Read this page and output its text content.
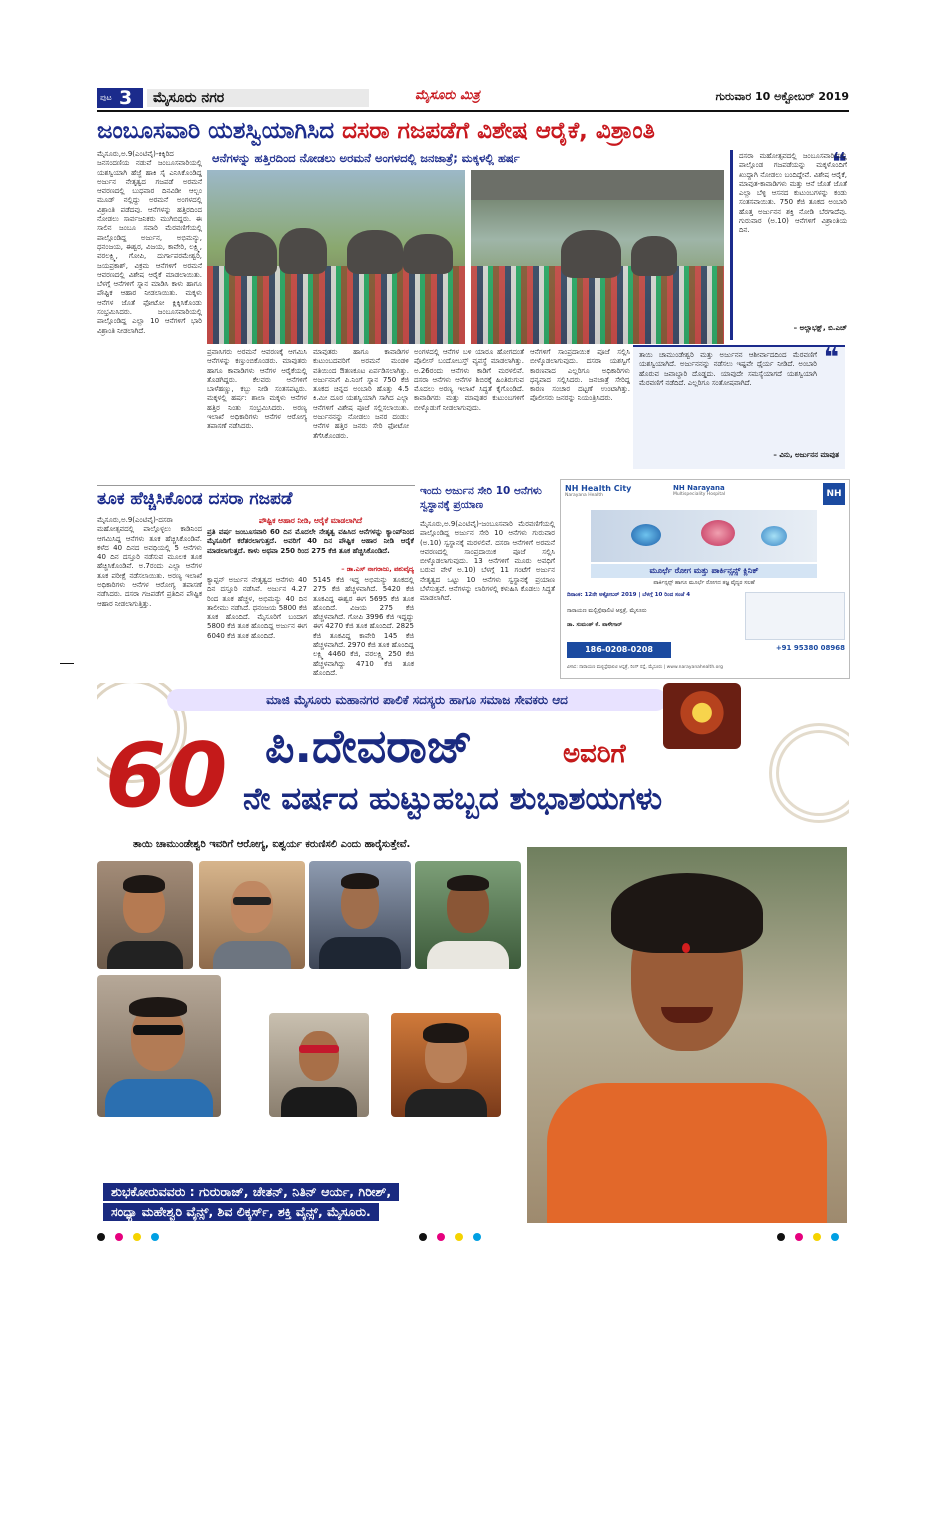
ಪುಟ 3	ಮೈಸೂರು ನಗರ	ಮೈಸೂರು ಮಿತ್ರ	ಗುರುವಾರ 10 ಅಕ್ಟೋಬರ್ 2019
ಜಂಬೂಸವಾರಿ ಯಶಸ್ವಿಯಾಗಿಸಿದ ದಸರಾ ಗಜಪಡೆಗೆ ವಿಶೇಷ ಆರೈಕೆ, ವಿಶ್ರಾಂತಿ
ಆನೆಗಳನ್ನು ಹತ್ತಿರದಿಂದ ನೋಡಲು ಅರಮನೆ ಅಂಗಳದಲ್ಲಿ ಜನಜಾತ್ರೆ; ಮಕ್ಕಳಲ್ಲಿ ಹರ್ಷ
ಮೈಸೂರು,ಅ.9(ಎಂಟಿವೈ)-ಕಿಕ್ಕಿರಿದ ಜನಸಂದಣಿಯ ನಡುವೆ ಜಂಬೂಸವಾರಿಯಲ್ಲಿ ಯಶಸ್ವಿಯಾಗಿ ಹೆಜ್ಜೆ ಹಾಕಿ ಸೈ ಎನಿಸಿಕೊಂಡಿದ್ದ ಅರ್ಜುನ ನೇತೃತ್ವದ ಗಜಪಡೆ ಅರಮನೆ ಆವರಣದಲ್ಲಿ ಬುಧವಾರ ದಿನವಿಡೀ ಆಲ್ಬಂ ಮೂಡ್ ನಲ್ಲಿದ್ದು ಅರಮನೆ ಅಂಗಳದಲ್ಲಿ ವಿಶ್ರಾಂತಿ ಪಡೆದವು. ಆನೆಗಳನ್ನು ಹತ್ತಿರದಿಂದ ನೋಡಲು ಸಾರ್ವಜನಿಕರು ಮುಗಿಬಿದ್ದರು. ಈ ಸಾಲಿನ ಜಂಬೂ ಸವಾರಿ ಮೆರವಣಿಗೆಯಲ್ಲಿ ಪಾಲ್ಗೊಂಡಿದ್ದ ಅರ್ಜುನ, ಅಭಿಮನ್ಯು, ಧನಂಜಯ, ಈಶ್ವರ, ವಿಜಯ, ಕಾವೇರಿ, ಲಕ್ಷ್ಮಿ, ವರಲಕ್ಷ್ಮಿ, ಗೋಪಿ, ದುರ್ಗಾಪರಮೇಶ್ವರಿ, ಜಯಪ್ರಕಾಶ್, ವಿಕ್ರಮ ಆನೆಗಳಿಗೆ ಅರಮನೆ ಆವರಣದಲ್ಲಿ ವಿಶೇಷ ಆರೈಕೆ ಮಾಡಲಾಯಿತು. ಬೆಳಗ್ಗೆ ಆನೆಗಳಿಗೆ ಸ್ನಾನ ಮಾಡಿಸಿ ಕಾಳು ಹಾಗೂ ಪೌಷ್ಟಿಕ ಆಹಾರ ನೀಡಲಾಯಿತು. ಮಕ್ಕಳು ಆನೆಗಳ ಜೊತೆ ಫೋಟೋ ಕ್ಲಿಕ್ಕಿಸಿಕೊಂಡು ಸಂಭ್ರಮಿಸಿದರು. ಜಂಬೂಸವಾರಿಯಲ್ಲಿ ಪಾಲ್ಗೊಂಡಿದ್ದ ಎಲ್ಲಾ 10 ಆನೆಗಳಿಗೆ ಭಾರಿ ವಿಶ್ರಾಂತಿ ನೀಡಲಾಗಿದೆ.
❝
ದಸರಾ ಮಹೋತ್ಸವದಲ್ಲಿ ಜಂಬೂಸವಾರಿಯಲ್ಲಿ ಪಾಲ್ಗೊಂಡ ಗಜಪಡೆಯನ್ನು ಮಕ್ಕಳೊಂದಿಗೆ ಖುದ್ದಾಗಿ ನೋಡಲು ಬಂದಿದ್ದೇವೆ. ವಿಶೇಷ ಆರೈಕೆ, ಮಾವುತ-ಕಾವಾಡಿಗಳು ಮತ್ತು ಆನೆ ಜೊತೆ ಜೊತೆ ಎಲ್ಲಾ ಬೆಳ್ಳಿ ಆಸನದ ಕುಟುಂಬಗಳನ್ನು ಕಂಡು ಸಂತಸವಾಯಿತು. 750 ಕೆಜಿ ತೂಕದ ಅಂಬಾರಿ ಹೊತ್ತ ಅರ್ಜುನನ ಶಕ್ತಿ ನೋಡಿ ಬೆರಗಾದೆವು. ಗುರುವಾರ (ಅ.10) ಆನೆಗಳಿಗೆ ವಿಶ್ರಾಂತಿಯ ದಿನ.
– ಅಲ್ಲಾಭಕ್ಷ್, ಬಿ.ಎಚ್
ಪ್ರವಾಸಿಗರು ಅರಮನೆ ಆವರಣಕ್ಕೆ ಆಗಮಿಸಿ ಆನೆಗಳನ್ನು ಕಣ್ತುಂಬಿಕೊಂಡರು. ಮಾವುತರು ಹಾಗೂ ಕಾವಾಡಿಗಳು ಆನೆಗಳ ಆರೈಕೆಯಲ್ಲಿ ತೊಡಗಿದ್ದರು. ಕೆಲವರು ಆನೆಗಳಿಗೆ ಬಾಳೆಹಣ್ಣು, ಕಬ್ಬು ನೀಡಿ ಸಂತಸಪಟ್ಟರು. ಮಕ್ಕಳಲ್ಲಿ ಹರ್ಷ: ಶಾಲಾ ಮಕ್ಕಳು ಆನೆಗಳ ಹತ್ತಿರ ನಿಂತು ಸಂಭ್ರಮಿಸಿದರು. ಅರಣ್ಯ ಇಲಾಖೆ ಅಧಿಕಾರಿಗಳು ಆನೆಗಳ ಆರೋಗ್ಯ ತಪಾಸಣೆ ನಡೆಸಿದರು.
ಮಾವುತರು ಹಾಗೂ ಕಾವಾಡಿಗಳ ಕುಟುಂಬದವರಿಗೆ ಅರಮನೆ ಮಂಡಳಿ ವತಿಯಿಂದ ಔತಣಕೂಟ ಏರ್ಪಡಿಸಲಾಗಿತ್ತು. ಅರ್ಜುನನಿಗೆ ಪಿ.ನಿಂಗೆ ಸ್ನಾನ 750 ಕೆಜಿ ತೂಕದ ಚಿನ್ನದ ಅಂಬಾರಿ ಹೊತ್ತು 4.5 ಕಿ.ಮೀ ದೂರ ಯಶಸ್ವಿಯಾಗಿ ಸಾಗಿದ ಎಲ್ಲಾ ಆನೆಗಳಿಗೆ ವಿಶೇಷ ಪೂಜೆ ಸಲ್ಲಿಸಲಾಯಿತು. ಅರ್ಜುನನನ್ನು ನೋಡಲು ಜನರ ದಂಡು: ಆನೆಗಳ ಹತ್ತಿರ ಜನರು ಸೇರಿ ಫೋಟೋ ತೆಗೆಸಿಕೊಂಡರು.
ಅಂಗಳದಲ್ಲಿ ಆನೆಗಳ ಬಳಿ ಯಾರೂ ಹೋಗದಂತೆ ಪೊಲೀಸ್ ಬಂದೋಬಸ್ತ್ ವ್ಯವಸ್ಥೆ ಮಾಡಲಾಗಿತ್ತು. ಅ.26ರಂದು ಆನೆಗಳು ಕಾಡಿಗೆ ಮರಳಲಿವೆ. ದಸರಾ ಆನೆಗಳು ಆನೆಗಳ ಶಿಬಿರಕ್ಕೆ ಹಿಂತಿರುಗುವ ಮೊದಲು ಅರಣ್ಯ ಇಲಾಖೆ ಸಿದ್ಧತೆ ಕೈಗೊಂಡಿದೆ. ಕಾವಾಡಿಗರು ಮತ್ತು ಮಾವುತರ ಕುಟುಂಬಗಳಿಗೆ ಬೀಳ್ಕೊಡುಗೆ ನೀಡಲಾಗುವುದು.
ಆನೆಗಳಿಗೆ ಸಾಂಪ್ರದಾಯಿಕ ಪೂಜೆ ಸಲ್ಲಿಸಿ ಬೀಳ್ಕೊಡಲಾಗುವುದು. ದಸರಾ ಯಶಸ್ವಿಗೆ ಕಾರಣವಾದ ಎಲ್ಲರಿಗೂ ಅಧಿಕಾರಿಗಳು ಧನ್ಯವಾದ ಸಲ್ಲಿಸಿದರು. ಜನಜಾತ್ರೆ ಸೇರಿದ್ದ ಕಾರಣ ಸಂಚಾರ ದಟ್ಟಣೆ ಉಂಟಾಗಿತ್ತು. ಪೊಲೀಸರು ಜನರನ್ನು ನಿಯಂತ್ರಿಸಿದರು.
❝
ತಾಯಿ ಚಾಮುಂಡೇಶ್ವರಿ ಮತ್ತು ಅರ್ಜುನನ ಆಶೀರ್ವಾದದಿಂದ ಮೆರವಣಿಗೆ ಯಶಸ್ವಿಯಾಗಿದೆ. ಅರ್ಜುನನನ್ನು ನಡೆಸಲು ಇಷ್ಟವೇ ಧೈರ್ಯ ನೀಡಿದೆ. ಅಂಬಾರಿ ಹೊರುವ ಜವಾಬ್ದಾರಿ ದೊಡ್ಡದು. ಯಾವುದೇ ಸಮಸ್ಯೆಯಾಗದೆ ಯಶಸ್ವಿಯಾಗಿ ಮೆರವಣಿಗೆ ನಡೆದಿದೆ. ಎಲ್ಲರಿಗೂ ಸಂತೋಷವಾಗಿದೆ.
– ವಿನು, ಅರ್ಜುನನ ಮಾವುತ
ತೂಕ ಹೆಚ್ಚಿಸಿಕೊಂಡ ದಸರಾ ಗಜಪಡೆ
ಮೈಸೂರು,ಅ.9(ಎಂಟಿವೈ)-ದಸರಾ ಮಹೋತ್ಸವದಲ್ಲಿ ಪಾಲ್ಗೊಳ್ಳಲು ಕಾಡಿನಿಂದ ಆಗಮಿಸಿದ್ದ ಆನೆಗಳು ತೂಕ ಹೆಚ್ಚಿಸಿಕೊಂಡಿವೆ. ಕಳೆದ 40 ದಿನದ ಅವಧಿಯಲ್ಲಿ 5 ಆನೆಗಳು 40 ದಿನ ದಸ್ತೂರಿ ನಡೆಸುವ ಮೂಲಕ ತೂಕ ಹೆಚ್ಚಿಸಿಕೊಂಡಿವೆ. ಅ.7ರಂದು ಎಲ್ಲಾ ಆನೆಗಳ ತೂಕ ಪರೀಕ್ಷೆ ನಡೆಸಲಾಯಿತು. ಅರಣ್ಯ ಇಲಾಖೆ ಅಧಿಕಾರಿಗಳು ಆನೆಗಳ ಆರೋಗ್ಯ ತಪಾಸಣೆ ನಡೆಸಿದರು. ದಸರಾ ಗಜಪಡೆಗೆ ಪ್ರತಿದಿನ ಪೌಷ್ಟಿಕ ಆಹಾರ ನೀಡಲಾಗುತ್ತಿತ್ತು.
ಪೌಷ್ಟಿಕ ಆಹಾರ ನೀಡಿ, ಆರೈಕೆ ಮಾಡಲಾಗಿದೆ
ಪ್ರತಿ ವರ್ಷ ಜಂಬೂಸವಾರಿ 60 ದಿನ ಮೊದಲೇ ನೇತೃತ್ವ ವಹಿಸಿದ ಆನೆಗಳನ್ನು ಕ್ಯಾಂಪ್‌ನಿಂದ ಮೈಸೂರಿಗೆ ಕರೆತರಲಾಗುತ್ತದೆ. ಅವರಿಗೆ 40 ದಿನ ಪೌಷ್ಟಿಕ ಆಹಾರ ನೀಡಿ ಆರೈಕೆ ಮಾಡಲಾಗುತ್ತದೆ. ಕಾಳು ಅಥವಾ 250 ರಿಂದ 275 ಕೆಜಿ ತೂಕ ಹೆಚ್ಚಿಸಿಕೊಂಡಿದೆ.
– ಡಾ.ಎಸ್ ನಾಗರಾಜು, ಪಶುವೈದ್ಯ
ಕ್ಯಾಪ್ಟನ್ ಅರ್ಜುನ ನೇತೃತ್ವದ ಆನೆಗಳು 40 ದಿನ ದಸ್ತೂರಿ ನಡೆಸಿವೆ. ಅರ್ಜುನ 4.27 ರಿಂದ ತೂಕ ಹೆಚ್ಚಳ, ಅಭಿಮನ್ಯು 40 ದಿನ ತಾಲೀಮು ನಡೆಸಿದೆ. ಧನಂಜಯ 5800 ಕೆಜಿ ತೂಕ ಹೊಂದಿದೆ. ಮೈಸೂರಿಗೆ ಬಂದಾಗ 5800 ಕೆಜಿ ತೂಕ ಹೊಂದಿದ್ದ ಅರ್ಜುನ ಈಗ 6040 ಕೆಜಿ ತೂಕ ಹೊಂದಿದೆ.
5145 ಕೆಜಿ ಇದ್ದ ಅಭಿಮನ್ಯು ತೂಕದಲ್ಲಿ 275 ಕೆಜಿ ಹೆಚ್ಚಳವಾಗಿದೆ. 5420 ಕೆಜಿ ತೂಕವಿದ್ದ ಈಶ್ವರ ಈಗ 5695 ಕೆಜಿ ತೂಕ ಹೊಂದಿದೆ. ವಿಜಯ 275 ಕೆಜಿ ಹೆಚ್ಚಳವಾಗಿದೆ. ಗೋಪಿ 3996 ಕೆಜಿ ಇದ್ದದ್ದು ಈಗ 4270 ಕೆಜಿ ತೂಕ ಹೊಂದಿದೆ. 2825 ಕೆಜಿ ತೂಕವಿದ್ದ ಕಾವೇರಿ 145 ಕೆಜಿ ಹೆಚ್ಚಳವಾಗಿದೆ. 2970 ಕೆಜಿ ತೂಕ ಹೊಂದಿದ್ದ ಲಕ್ಷ್ಮಿ 4460 ಕೆಜಿ, ವರಲಕ್ಷ್ಮಿ 250 ಕೆಜಿ ಹೆಚ್ಚಳವಾಗಿದ್ದು 4710 ಕೆಜಿ ತೂಕ ಹೊಂದಿದೆ.
ಇಂದು ಅರ್ಜುನ ಸೇರಿ 10 ಆನೆಗಳು ಸ್ವಸ್ಥಾನಕ್ಕೆ ಪ್ರಯಾಣ
ಮೈಸೂರು,ಅ.9(ಎಂಟಿವೈ)-ಜಂಬೂಸವಾರಿ ಮೆರವಣಿಗೆಯಲ್ಲಿ ಪಾಲ್ಗೊಂಡಿದ್ದ ಅರ್ಜುನ ಸೇರಿ 10 ಆನೆಗಳು ಗುರುವಾರ (ಅ.10) ಸ್ವಸ್ಥಾನಕ್ಕೆ ಮರಳಲಿವೆ. ದಸರಾ ಆನೆಗಳಿಗೆ ಅರಮನೆ ಆವರಣದಲ್ಲಿ ಸಾಂಪ್ರದಾಯಿಕ ಪೂಜೆ ಸಲ್ಲಿಸಿ ಬೀಳ್ಕೊಡಲಾಗುವುದು. 13 ಆನೆಗಳಿಗೆ ಮೂರು ಅವಧಿಗೆ ಬರುವ ವೇಳೆ ಅ.10) ಬೆಳಗ್ಗೆ 11 ಗಂಟೆಗೆ ಅರ್ಜುನ ನೇತೃತ್ವದ ಒಟ್ಟು 10 ಆನೆಗಳು ಸ್ವಸ್ಥಾನಕ್ಕೆ ಪ್ರಯಾಣ ಬೆಳೆಸುತ್ತವೆ. ಆನೆಗಳನ್ನು ಲಾರಿಗಳಲ್ಲಿ ಕಳುಹಿಸಿ ಕೊಡಲು ಸಿದ್ಧತೆ ಮಾಡಲಾಗಿದೆ.
NH Health City
Narayana Health
NH Narayana
Multispeciality Hospital	NH
ಮೂರ್ಛೆ ರೋಗ ಮತ್ತು ಪಾರ್ಕಿನ್ಸನ್ಸ್ ಕ್ಲಿನಿಕ್
ಪಾರ್ಕಿನ್ಸನ್ಸ್ ಹಾಗೂ ಮೂರ್ಛೆ ರೋಗದ ತಜ್ಞ ವೈದ್ಯರ ಸಲಹೆ
ದಿನಾಂಕ: 12ನೇ ಅಕ್ಟೋಬರ್ 2019 | ಬೆಳಗ್ಗೆ 10 ರಿಂದ ಸಂಜೆ 4
ನಾರಾಯಣ ಮಲ್ಟಿಸ್ಪೆಷಾಲಿಟಿ ಆಸ್ಪತ್ರೆ, ಮೈಸೂರು
ಡಾ. ಸುಮಂತ್ ಕೆ. ಪಾಳೇಗಾರ್
186-0208-0208	+91 95380 08968
ವಿಳಾಸ: ನಾರಾಯಣ ಮಲ್ಟಿಸ್ಪೆಷಾಲಿಟಿ ಆಸ್ಪತ್ರೆ, ರಿಂಗ್ ರಸ್ತೆ, ಮೈಸೂರು | www.narayanahealth.org
ಮಾಜಿ ಮೈಸೂರು ಮಹಾನಗರ ಪಾಲಿಕೆ ಸದಸ್ಯರು ಹಾಗೂ ಸಮಾಜ ಸೇವಕರು ಆದ
60 ಪಿ.ದೇವರಾಜ್	ಅವರಿಗೆ
ನೇ ವರ್ಷದ ಹುಟ್ಟುಹಬ್ಬದ ಶುಭಾಶಯಗಳು
ತಾಯಿ ಚಾಮುಂಡೇಶ್ವರಿ ಇವರಿಗೆ ಆರೋಗ್ಯ, ಐಶ್ವರ್ಯ ಕರುಣಿಸಲಿ ಎಂದು ಹಾರೈಸುತ್ತೇವೆ.
ಶುಭಕೋರುವವರು : ಗುರುರಾಜ್, ಚೇತನ್, ನಿತಿನ್ ಆರ್ಯ, ಗಿರೀಶ್,
ಸಂಧ್ಯಾ ಮಹೇಶ್ವರಿ ವೈನ್ಸ್, ಶಿವ ಲಿಕ್ಕರ್ಸ್, ಶಕ್ತಿ ವೈನ್ಸ್, ಮೈಸೂರು.
